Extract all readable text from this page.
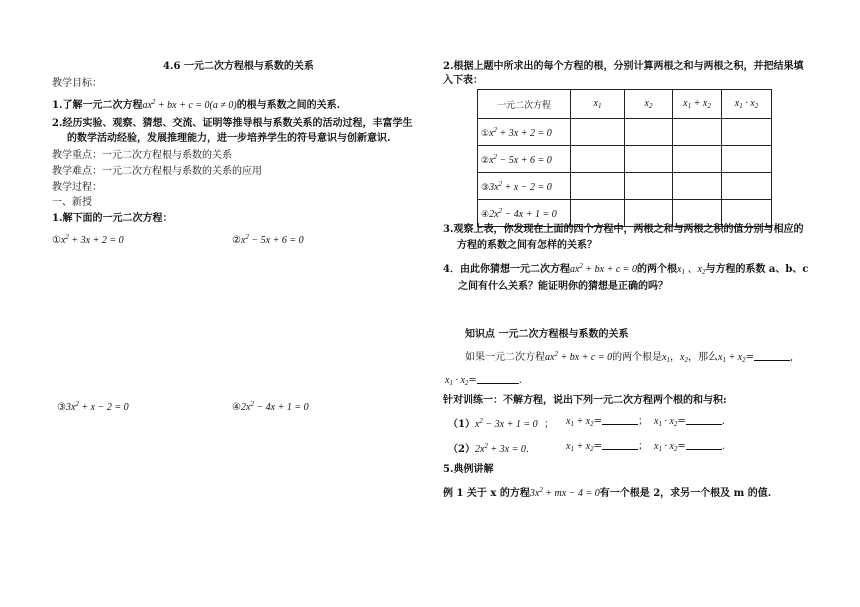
4.6 一元二次方程根与系数的关系
教学目标：
1.了解一元二次方程$ax^2$ + bx + c = 0(a ≠ 0)的根与系数之间的关系.
2.经历实验、观察、猜想、交流、证明等推导根与系数关系的活动过程，丰富学生
的数学活动经验，发展推理能力，进一步培养学生的符号意识与创新意识.
教学重点：一元二次方程根与系数的关系
教学难点：一元二次方程根与系数的关系的应用
教学过程：
一、新授
1.解下面的一元二次方程：
$①x^2 + 3x + 2 = 0$	$②x^2 - 5x + 6 = 0$
$③3x^2 + x - 2 = 0$	$④2x^2 - 4x + 1 = 0$
2.根据上题中所求出的每个方程的根，分别计算两根之和与两根之积，并把结果填
入下表：
一元二次方程	$x_1$	$x_2$	$x_1 + x_2$	$x_1 \cdot x_2$
$①x^2 + 3x + 2 = 0$				
$②x^2 - 5x + 6 = 0$				
$③3x^2 + x - 2 = 0$				
$④2x^2 - 4x + 1 = 0$				
3.观察上表，你发现在上面的四个方程中，两根之和与两根之积的值分别与相应的
方程的系数之间有怎样的关系？
4．由此你猜想一元二次方程$ax^2$ + bx + c = 0的两个根$x_1$ 、$x_2$与方程的系数 a、b、c
之间有什么关系？能证明你的猜想是正确的吗？
知识点 一元二次方程根与系数的关系
如果一元二次方程$ax^2$ + bx + c = 0的两个根是$x_1$，$x_2$，那么$x_1 + x_2=$	,
$x_1 \cdot x_2=$	.
针对训练一：不解方程，说出下列一元二次方程两个根的和与积:
$(1)x^2 - 3x + 1 = 0$  ； $x_1 + x_2=$	； $x_1 \cdot x_2=$	.
$(2)2x^2 + 3x = 0$．	$x_1 + x_2=$	； $x_1 \cdot x_2=$	.
5.典例讲解
例 1 关于 x 的方程$3x^2$ + mx − 4 = 0有一个根是 2，求另一个根及 m 的值.
